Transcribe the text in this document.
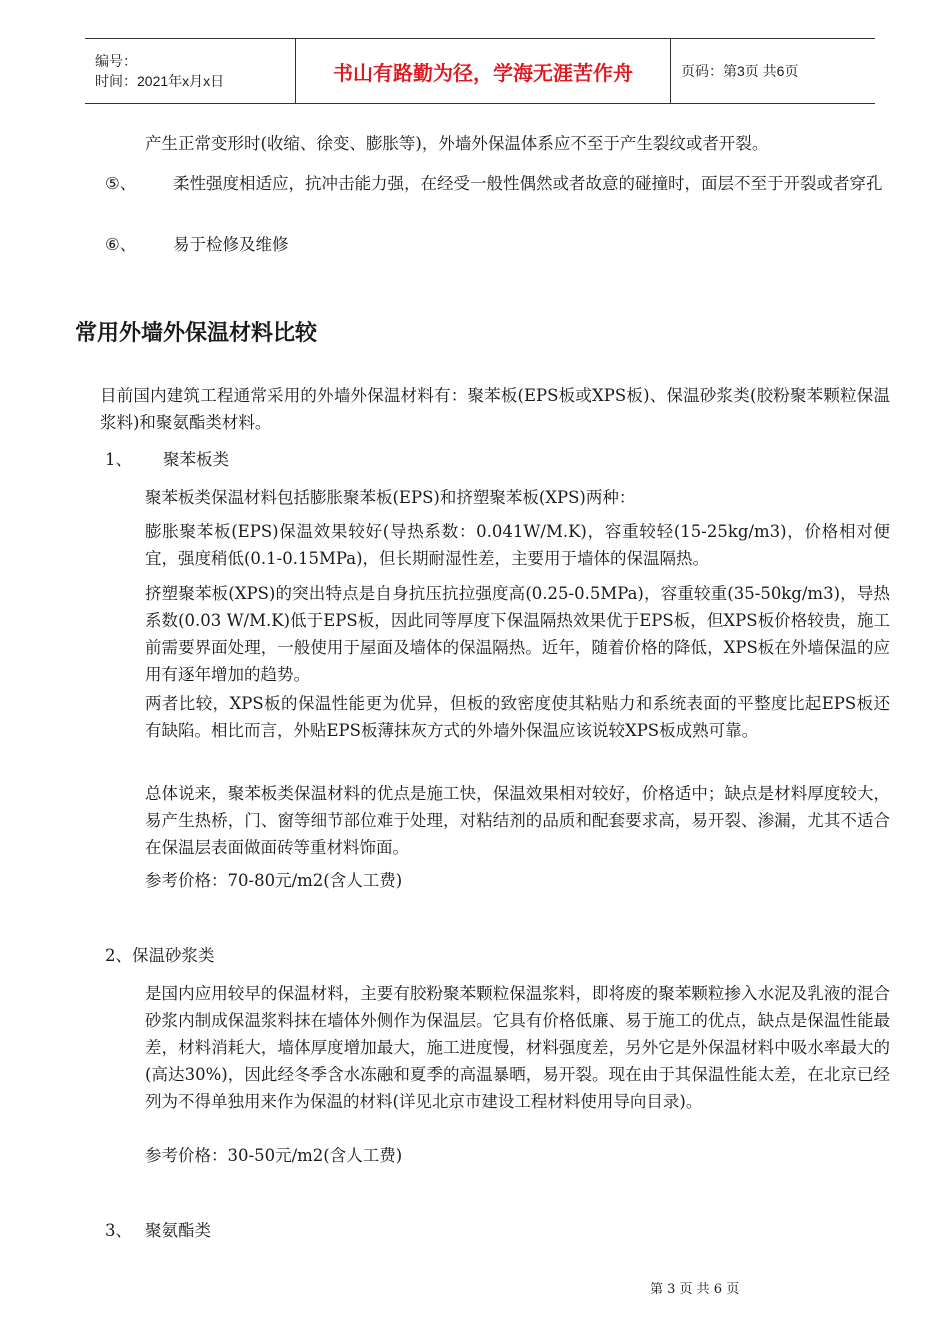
编号：
时间：2021年x月x日	书山有路勤为径，学海无涯苦作舟	页码：第3页 共6页
产生正常变形时(收缩、徐变、膨胀等)，外墙外保温体系应不至于产生裂纹或者开裂。
⑤、	柔性强度相适应，抗冲击能力强，在经受一般性偶然或者故意的碰撞时，面层不至于开裂或者穿孔
⑥、 易于检修及维修
常用外墙外保温材料比较
目前国内建筑工程通常采用的外墙外保温材料有：聚苯板(EPS板或XPS板)、保温砂浆类(胶粉聚苯颗粒保温浆料)和聚氨酯类材料。
1、 聚苯板类
聚苯板类保温材料包括膨胀聚苯板(EPS)和挤塑聚苯板(XPS)两种：
膨胀聚苯板(EPS)保温效果较好(导热系数：0.041W/M.K)，容重较轻(15-25kg/m3)，价格相对便宜，强度稍低(0.1-0.15MPa)，但长期耐湿性差，主要用于墙体的保温隔热。
挤塑聚苯板(XPS)的突出特点是自身抗压抗拉强度高(0.25-0.5MPa)，容重较重(35-50kg/m3)，导热系数(0.03 W/M.K)低于EPS板，因此同等厚度下保温隔热效果优于EPS板，但XPS板价格较贵，施工前需要界面处理，一般使用于屋面及墙体的保温隔热。近年，随着价格的降低，XPS板在外墙保温的应用有逐年增加的趋势。
两者比较，XPS板的保温性能更为优异，但板的致密度使其粘贴力和系统表面的平整度比起EPS板还有缺陷。相比而言，外贴EPS板薄抹灰方式的外墙外保温应该说较XPS板成熟可靠。
总体说来，聚苯板类保温材料的优点是施工快，保温效果相对较好，价格适中；缺点是材料厚度较大，易产生热桥，门、窗等细节部位难于处理，对粘结剂的品质和配套要求高，易开裂、渗漏，尤其不适合在保温层表面做面砖等重材料饰面。
参考价格：70-80元/m2(含人工费)
2、保温砂浆类
是国内应用较早的保温材料，主要有胶粉聚苯颗粒保温浆料，即将废的聚苯颗粒掺入水泥及乳液的混合砂浆内制成保温浆料抹在墙体外侧作为保温层。它具有价格低廉、易于施工的优点，缺点是保温性能最差，材料消耗大，墙体厚度增加最大，施工进度慢，材料强度差，另外它是外保温材料中吸水率最大的(高达30%)，因此经冬季含水冻融和夏季的高温暴晒，易开裂。现在由于其保温性能太差，在北京已经列为不得单独用来作为保温的材料(详见北京市建设工程材料使用导向目录)。
参考价格：30-50元/m2(含人工费)
3、 聚氨酯类
第 3 页 共 6 页
